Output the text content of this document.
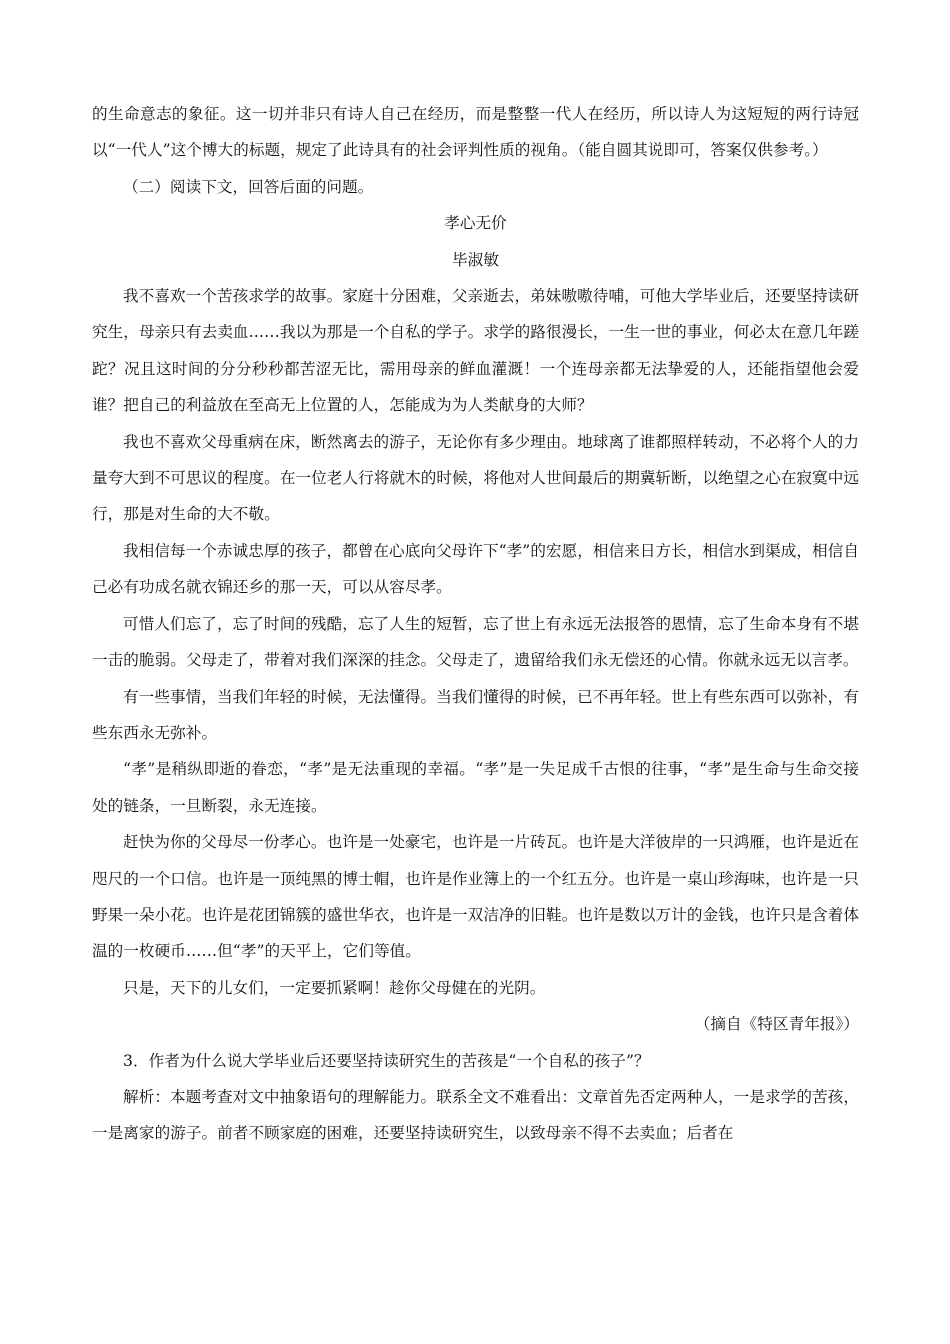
的生命意志的象征。这一切并非只有诗人自己在经历，而是整整一代人在经历，所以诗人为这短短的两行诗冠以“一代人”这个博大的标题，规定了此诗具有的社会评判性质的视角。（能自圆其说即可，答案仅供参考。）

（二）阅读下文，回答后面的问题。

孝心无价

毕淑敏

我不喜欢一个苦孩求学的故事。家庭十分困难，父亲逝去，弟妹嗷嗷待哺，可他大学毕业后，还要坚持读研究生，母亲只有去卖血……我以为那是一个自私的学子。求学的路很漫长，一生一世的事业，何必太在意几年蹉跎？况且这时间的分分秒秒都苦涩无比，需用母亲的鲜血灌溉！一个连母亲都无法挚爱的人，还能指望他会爱谁？把自己的利益放在至高无上位置的人，怎能成为为人类献身的大师？

我也不喜欢父母重病在床，断然离去的游子，无论你有多少理由。地球离了谁都照样转动，不必将个人的力量夸大到不可思议的程度。在一位老人行将就木的时候，将他对人世间最后的期冀斩断，以绝望之心在寂寞中远行，那是对生命的大不敬。

我相信每一个赤诚忠厚的孩子，都曾在心底向父母许下“孝”的宏愿，相信来日方长，相信水到渠成，相信自己必有功成名就衣锦还乡的那一天，可以从容尽孝。

可惜人们忘了，忘了时间的残酷，忘了人生的短暂，忘了世上有永远无法报答的恩情，忘了生命本身有不堪一击的脆弱。父母走了，带着对我们深深的挂念。父母走了，遗留给我们永无偿还的心情。你就永远无以言孝。

有一些事情，当我们年轻的时候，无法懂得。当我们懂得的时候，已不再年轻。世上有些东西可以弥补，有些东西永无弥补。

“孝”是稍纵即逝的眷恋，“孝”是无法重现的幸福。“孝”是一失足成千古恨的往事，“孝”是生命与生命交接处的链条，一旦断裂，永无连接。

赶快为你的父母尽一份孝心。也许是一处豪宅，也许是一片砖瓦。也许是大洋彼岸的一只鸿雁，也许是近在咫尺的一个口信。也许是一顶纯黑的博士帽，也许是作业簿上的一个红五分。也许是一桌山珍海味，也许是一只野果一朵小花。也许是花团锦簇的盛世华衣，也许是一双洁净的旧鞋。也许是数以万计的金钱，也许只是含着体温的一枚硬币……但“孝”的天平上，它们等值。

只是，天下的儿女们，一定要抓紧啊！趁你父母健在的光阴。

（摘自《特区青年报》）

3．作者为什么说大学毕业后还要坚持读研究生的苦孩是“一个自私的孩子”？

解析：本题考查对文中抽象语句的理解能力。联系全文不难看出：文章首先否定两种人，一是求学的苦孩，一是离家的游子。前者不顾家庭的困难，还要坚持读研究生，以致母亲不得不去卖血；后者在
